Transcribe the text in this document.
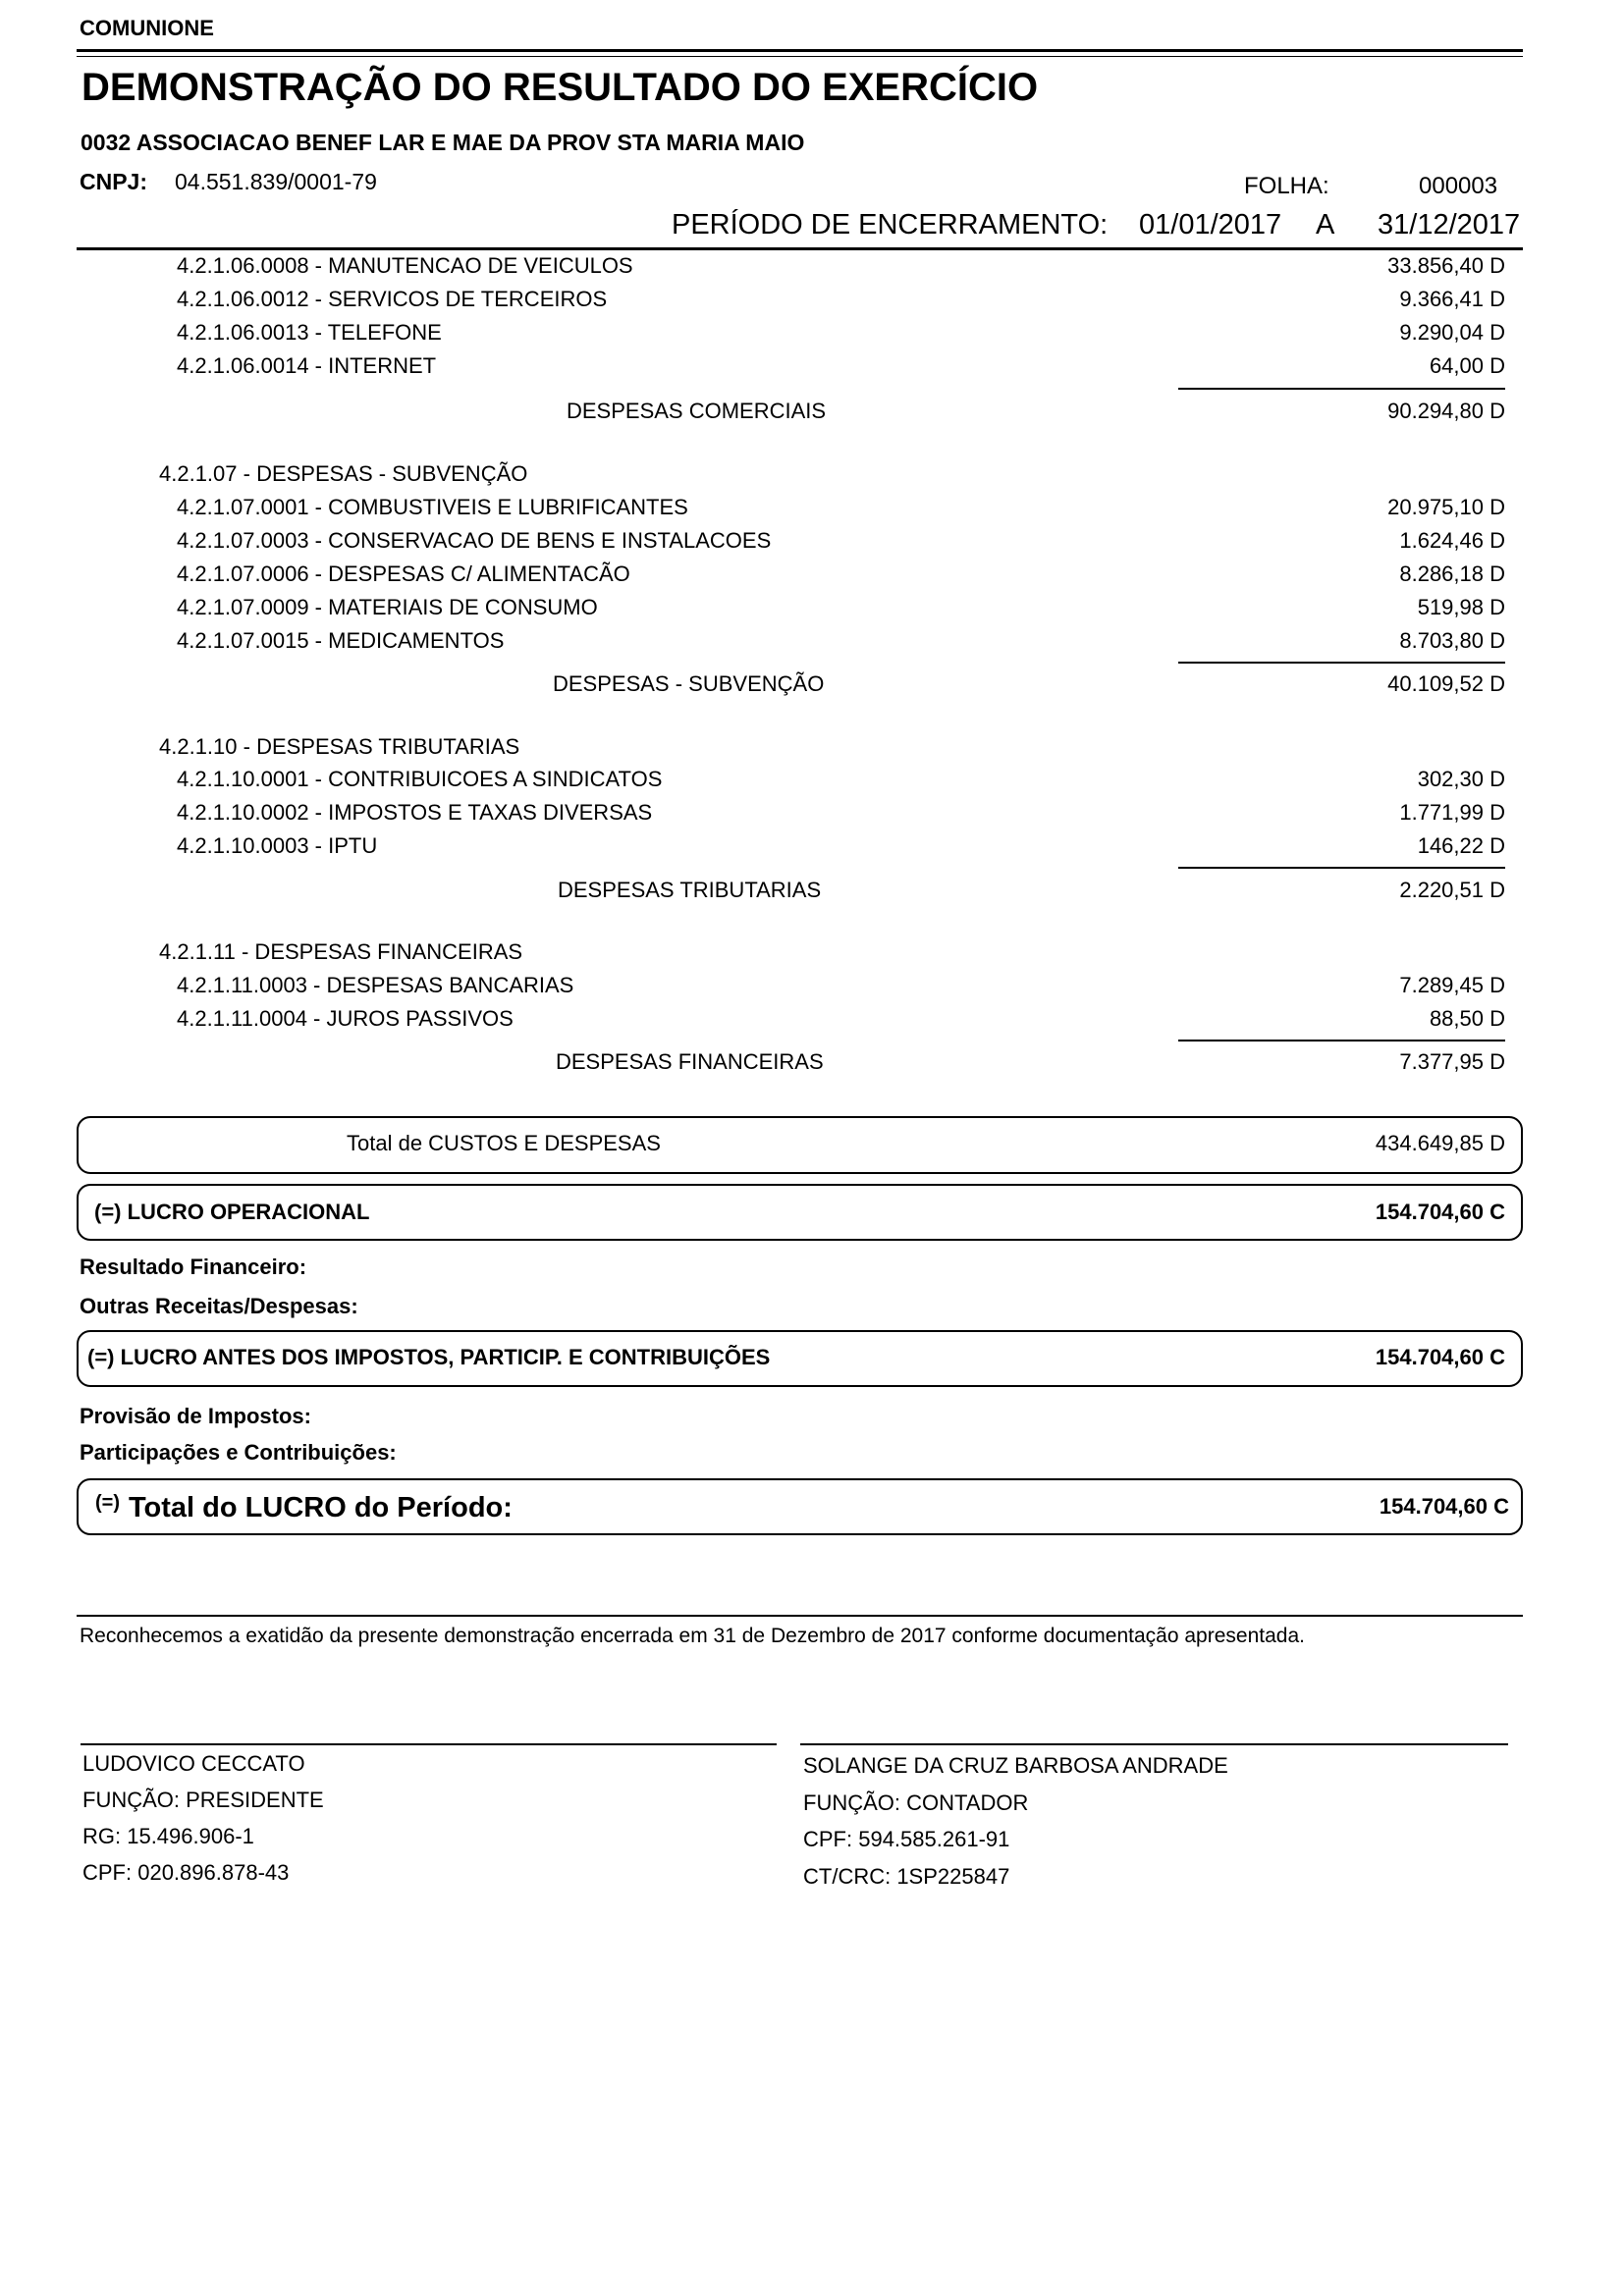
COMUNIONE
DEMONSTRAÇÃO DO RESULTADO DO EXERCÍCIO
0032 ASSOCIACAO BENEF LAR E MAE DA PROV STA MARIA MAIO
CNPJ: 04.551.839/0001-79	FOLHA:	000003
PERÍODO DE ENCERRAMENTO: 01/01/2017 A 31/12/2017
4.2.1.06.0008 - MANUTENCAO DE VEICULOS	33.856,40 D
4.2.1.06.0012 - SERVICOS DE TERCEIROS	9.366,41 D
4.2.1.06.0013 - TELEFONE	9.290,04 D
4.2.1.06.0014 - INTERNET	64,00 D
DESPESAS COMERCIAIS	90.294,80 D
4.2.1.07 - DESPESAS - SUBVENÇÃO
4.2.1.07.0001 - COMBUSTIVEIS E LUBRIFICANTES	20.975,10 D
4.2.1.07.0003 - CONSERVACAO DE BENS E INSTALACOES	1.624,46 D
4.2.1.07.0006 - DESPESAS C/ ALIMENTACÃO	8.286,18 D
4.2.1.07.0009 - MATERIAIS DE CONSUMO	519,98 D
4.2.1.07.0015 - MEDICAMENTOS	8.703,80 D
DESPESAS - SUBVENÇÃO	40.109,52 D
4.2.1.10 - DESPESAS TRIBUTARIAS
4.2.1.10.0001 - CONTRIBUICOES A SINDICATOS	302,30 D
4.2.1.10.0002 - IMPOSTOS E TAXAS DIVERSAS	1.771,99 D
4.2.1.10.0003 - IPTU	146,22 D
DESPESAS TRIBUTARIAS	2.220,51 D
4.2.1.11 - DESPESAS FINANCEIRAS
4.2.1.11.0003 - DESPESAS BANCARIAS	7.289,45 D
4.2.1.11.0004 - JUROS PASSIVOS	88,50 D
DESPESAS FINANCEIRAS	7.377,95 D
Total de CUSTOS E DESPESAS	434.649,85 D
(=) LUCRO OPERACIONAL	154.704,60 C
Resultado Financeiro:
Outras Receitas/Despesas:
(=) LUCRO ANTES DOS IMPOSTOS, PARTICIP. E CONTRIBUIÇÕES	154.704,60 C
Provisão de Impostos:
Participações e Contribuições:
(=) Total do LUCRO do Período:	154.704,60 C
Reconhecemos a exatidão da presente demonstração encerrada em 31 de Dezembro de 2017 conforme documentação apresentada.
LUDOVICO CECCATO
FUNÇÃO: PRESIDENTE
RG: 15.496.906-1
CPF: 020.896.878-43
SOLANGE DA CRUZ BARBOSA ANDRADE
FUNÇÃO: CONTADOR
CPF: 594.585.261-91
CT/CRC: 1SP225847
